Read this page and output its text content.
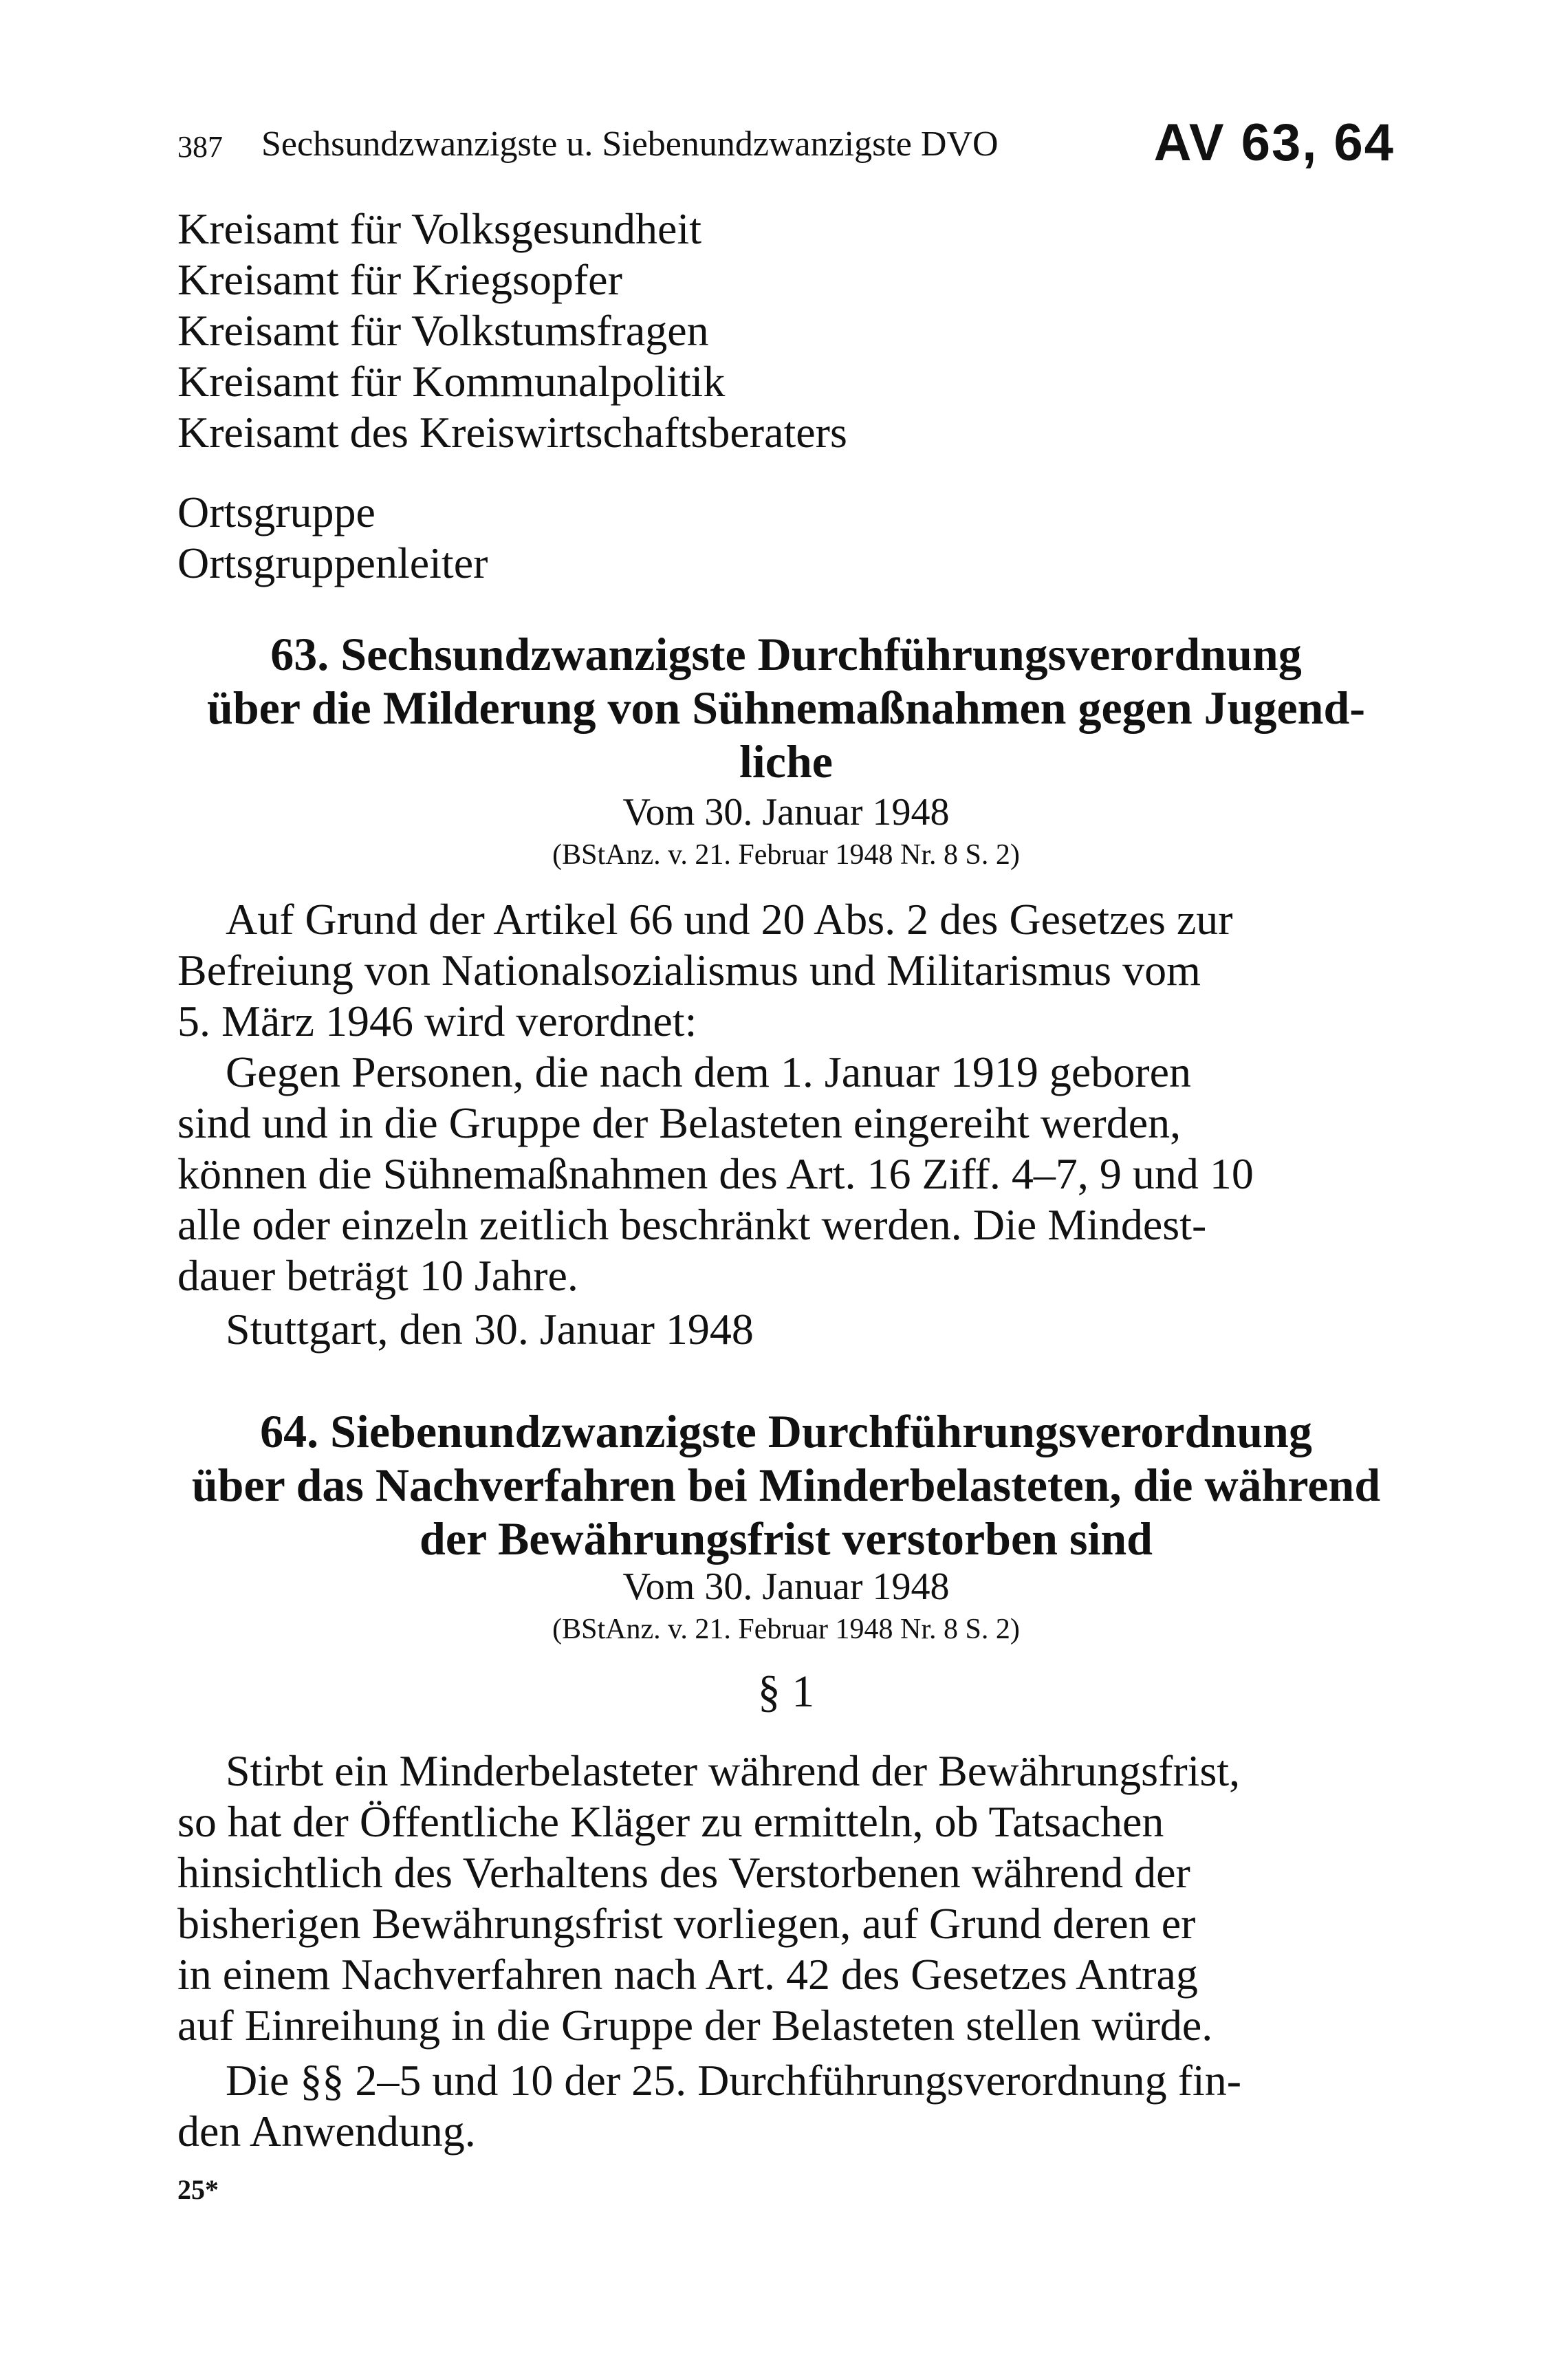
387 Sechsundzwanzigste u. Siebenundzwanzigste DVO	AV 63, 64
Kreisamt für Volksgesundheit
Kreisamt für Kriegsopfer
Kreisamt für Volkstumsfragen
Kreisamt für Kommunalpolitik
Kreisamt des Kreiswirtschaftsberaters
Ortsgruppe
Ortsgruppenleiter
63. Sechsundzwanzigste Durchführungsverordnung
über die Milderung von Sühnemaßnahmen gegen Jugend-
liche
Vom 30. Januar 1948
(BStAnz. v. 21. Februar 1948 Nr. 8 S. 2)
Auf Grund der Artikel 66 und 20 Abs. 2 des Gesetzes zur
Befreiung von Nationalsozialismus und Militarismus vom
5. März 1946 wird verordnet:
Gegen Personen, die nach dem 1. Januar 1919 geboren
sind und in die Gruppe der Belasteten eingereiht werden,
können die Sühnemaßnahmen des Art. 16 Ziff. 4–7, 9 und 10
alle oder einzeln zeitlich beschränkt werden. Die Mindest-
dauer beträgt 10 Jahre.
Stuttgart, den 30. Januar 1948
64. Siebenundzwanzigste Durchführungsverordnung
über das Nachverfahren bei Minderbelasteten, die während
der Bewährungsfrist verstorben sind
Vom 30. Januar 1948
(BStAnz. v. 21. Februar 1948 Nr. 8 S. 2)
§ 1
Stirbt ein Minderbelasteter während der Bewährungsfrist,
so hat der Öffentliche Kläger zu ermitteln, ob Tatsachen
hinsichtlich des Verhaltens des Verstorbenen während der
bisherigen Bewährungsfrist vorliegen, auf Grund deren er
in einem Nachverfahren nach Art. 42 des Gesetzes Antrag
auf Einreihung in die Gruppe der Belasteten stellen würde.
Die §§ 2–5 und 10 der 25. Durchführungsverordnung fin-
den Anwendung.
25*
